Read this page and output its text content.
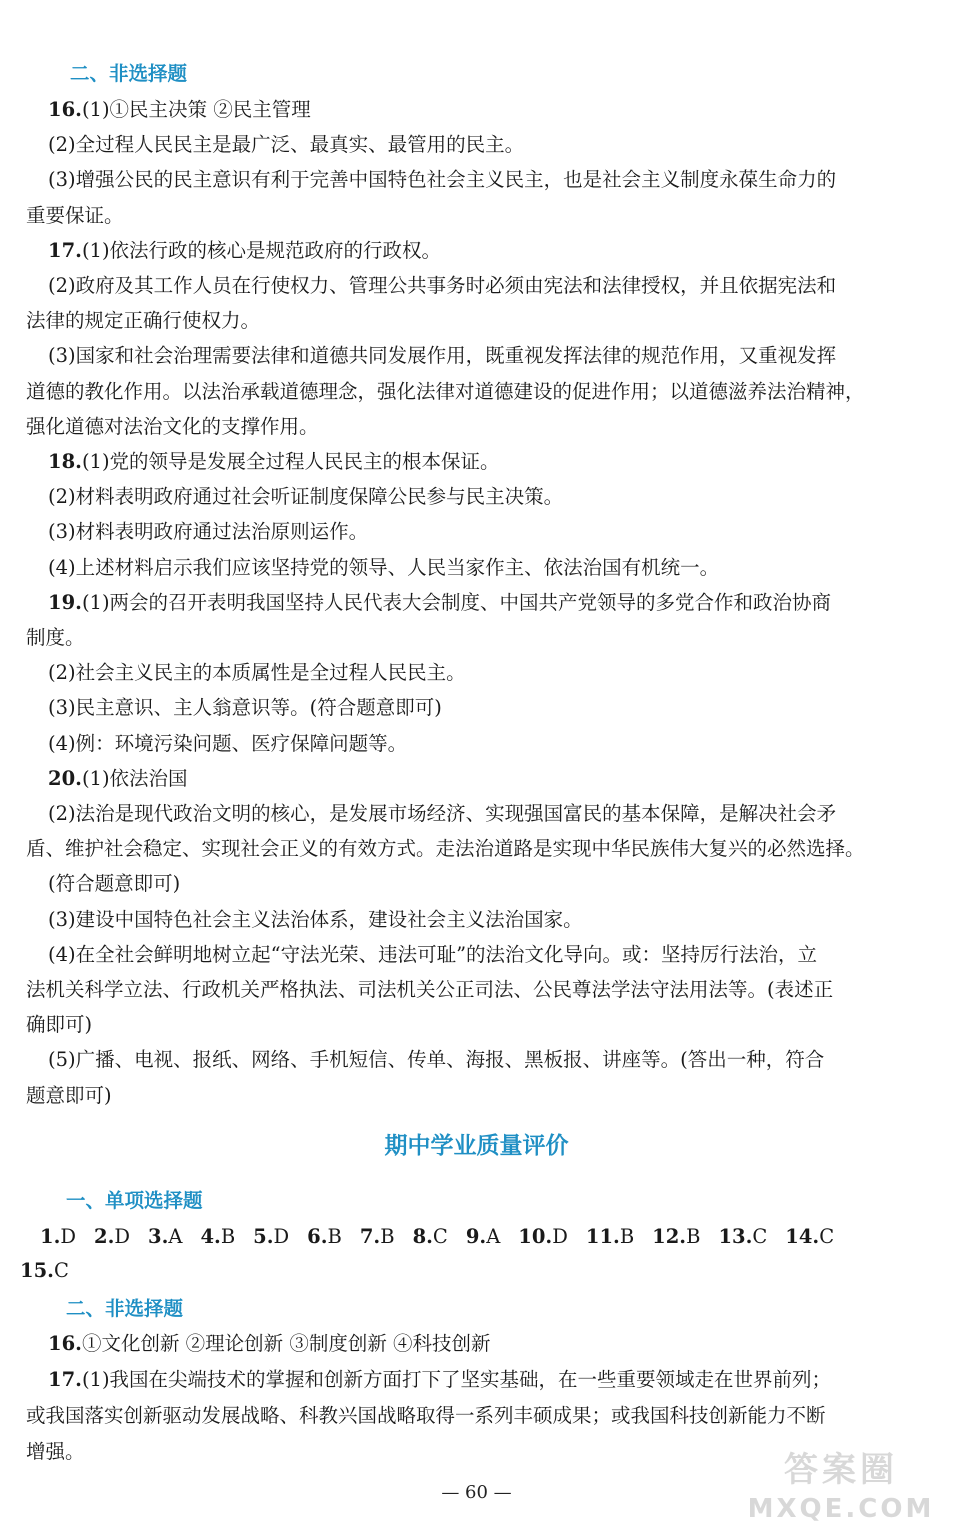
二、非选择题
16.(1)①民主决策 ②民主管理
(2)全过程人民民主是最广泛、最真实、最管用的民主。
(3)增强公民的民主意识有利于完善中国特色社会主义民主，也是社会主义制度永葆生命力的
重要保证。
17.(1)依法行政的核心是规范政府的行政权。
(2)政府及其工作人员在行使权力、管理公共事务时必须由宪法和法律授权，并且依据宪法和
法律的规定正确行使权力。
(3)国家和社会治理需要法律和道德共同发展作用，既重视发挥法律的规范作用，又重视发挥
道德的教化作用。以法治承载道德理念，强化法律对道德建设的促进作用；以道德滋养法治精神，
强化道德对法治文化的支撑作用。
18.(1)党的领导是发展全过程人民民主的根本保证。
(2)材料表明政府通过社会听证制度保障公民参与民主决策。
(3)材料表明政府通过法治原则运作。
(4)上述材料启示我们应该坚持党的领导、人民当家作主、依法治国有机统一。
19.(1)两会的召开表明我国坚持人民代表大会制度、中国共产党领导的多党合作和政治协商
制度。
(2)社会主义民主的本质属性是全过程人民民主。
(3)民主意识、主人翁意识等。(符合题意即可)
(4)例：环境污染问题、医疗保障问题等。
20.(1)依法治国
(2)法治是现代政治文明的核心，是发展市场经济、实现强国富民的基本保障，是解决社会矛
盾、维护社会稳定、实现社会正义的有效方式。走法治道路是实现中华民族伟大复兴的必然选择。
(符合题意即可)
(3)建设中国特色社会主义法治体系，建设社会主义法治国家。
(4)在全社会鲜明地树立起“守法光荣、违法可耻”的法治文化导向。或：坚持厉行法治，立
法机关科学立法、行政机关严格执法、司法机关公正司法、公民尊法学法守法用法等。(表述正
确即可)
(5)广播、电视、报纸、网络、手机短信、传单、海报、黑板报、讲座等。(答出一种，符合
题意即可)
期中学业质量评价
一、单项选择题
1.D 2.D 3.A 4.B 5.D 6.B 7.B 8.C 9.A 10.D 11.B 12.B 13.C 14.C
15.C
二、非选择题
16.①文化创新 ②理论创新 ③制度创新 ④科技创新
17.(1)我国在尖端技术的掌握和创新方面打下了坚实基础，在一些重要领域走在世界前列；
或我国落实创新驱动发展战略、科教兴国战略取得一系列丰硕成果；或我国科技创新能力不断
增强。
— 60 —
答案圈
MXQE.COM
